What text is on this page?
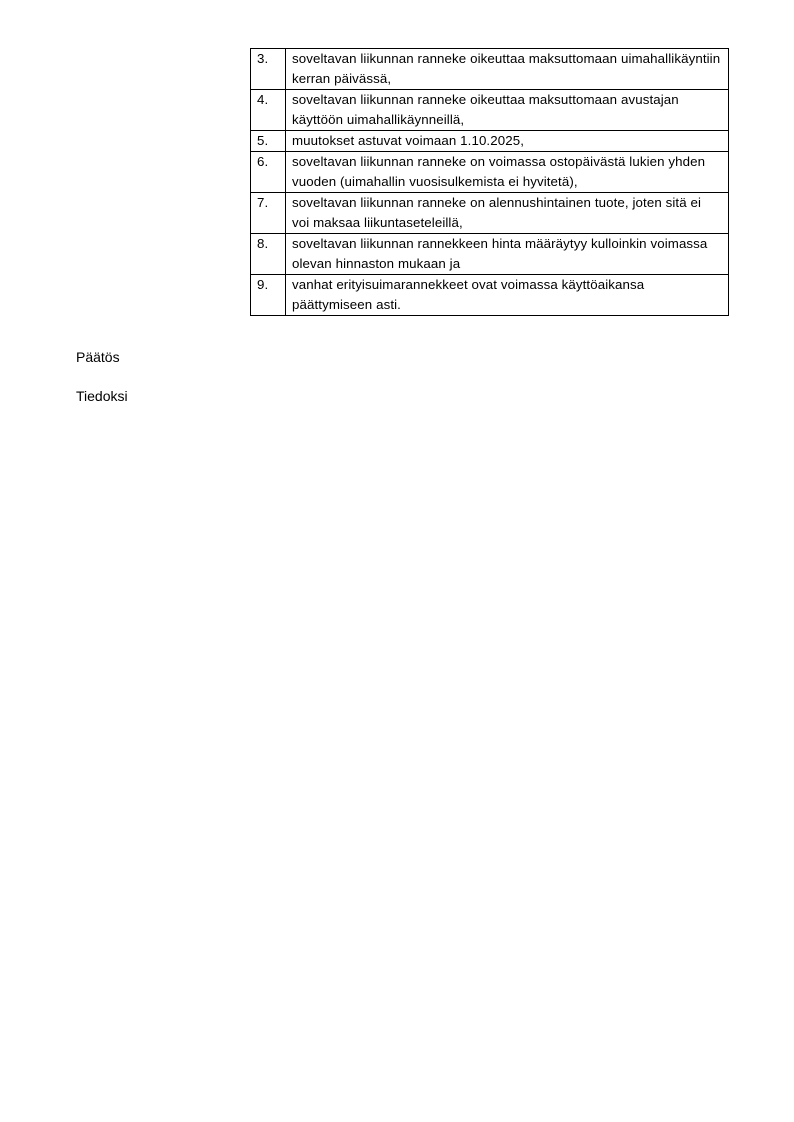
3.	soveltavan liikunnan ranneke oikeuttaa maksuttomaan uimahallikäyntiin kerran päivässä,
4.	soveltavan liikunnan ranneke oikeuttaa maksuttomaan avustajan käyttöön uimahallikäynneillä,
5.	muutokset astuvat voimaan 1.10.2025,
6.	soveltavan liikunnan ranneke on voimassa ostopäivästä lukien yhden vuoden (uimahallin vuosisulkemista ei hyvitetä),
7.	soveltavan liikunnan ranneke on alennushintainen tuote, joten sitä ei voi maksaa liikuntaseteleillä,
8.	soveltavan liikunnan rannekkeen hinta määräytyy kulloinkin voimassa olevan hinnaston mukaan ja
9.	vanhat erityisuimarannekkeet ovat voimassa käyttöaikansa päättymiseen asti.
Päätös
Tiedoksi
